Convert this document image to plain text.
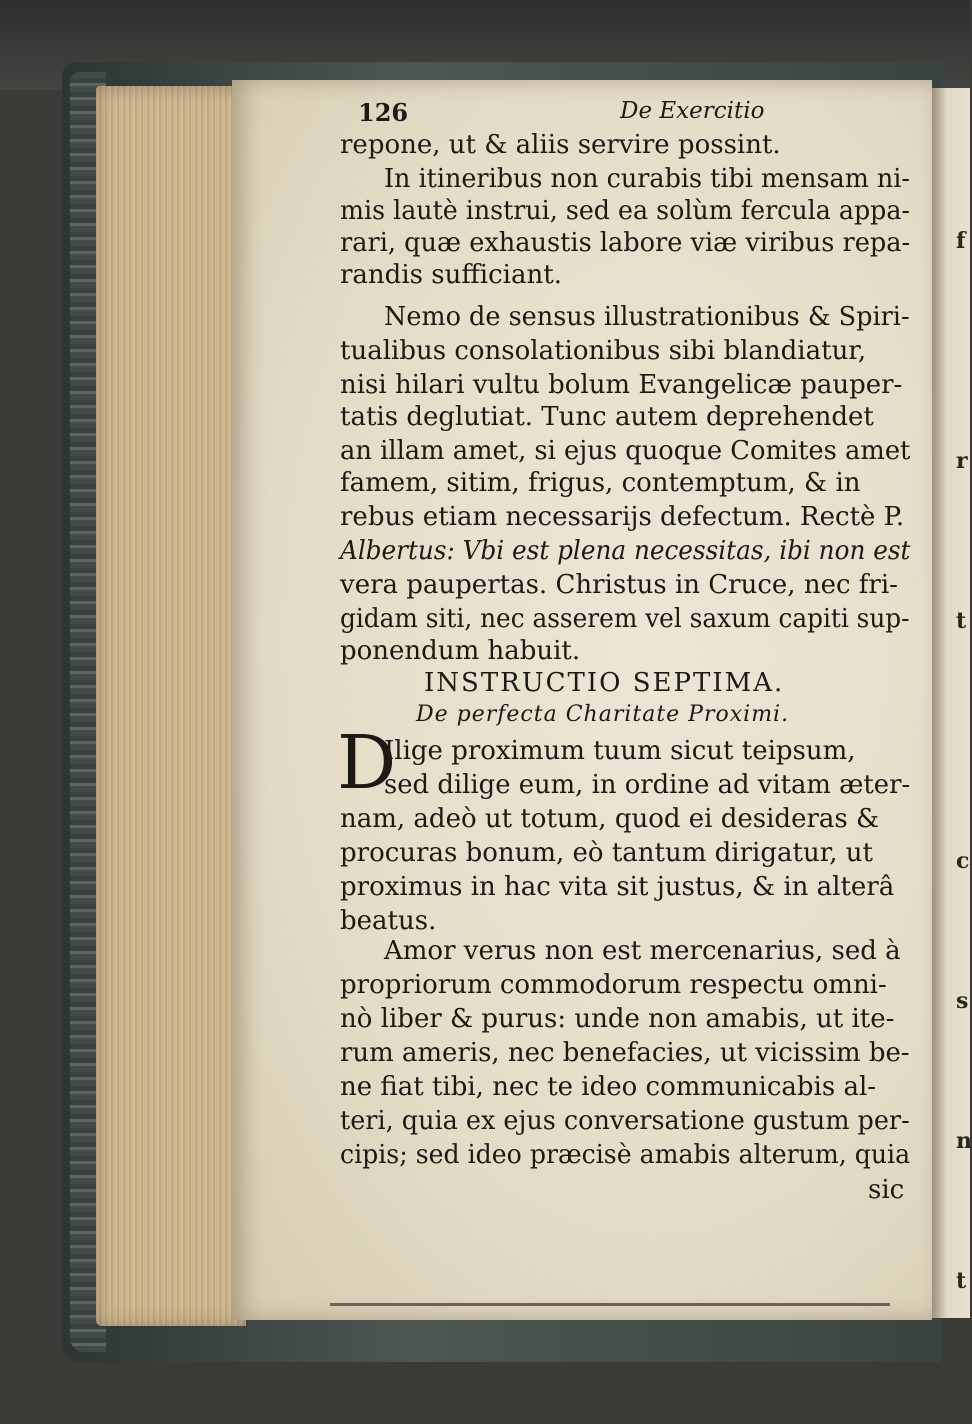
f
r
t
c
s
n
t
126	De Exercitio
repone, ut & aliis servire possint.
In itineribus non curabis tibi mensam ni-
mis lautè instrui, sed ea solùm fercula appa-
rari, quæ exhaustis labore viæ viribus repa-
randis sufficiant.
Nemo de sensus illustrationibus & Spiri-
tualibus consolationibus sibi blandiatur,
nisi hilari vultu bolum Evangelicæ pauper-
tatis deglutiat. Tunc autem deprehendet
an illam amet, si ejus quoque Comites amet
famem, sitim, frigus, contemptum, & in
rebus etiam necessarijs defectum. Rectè P.
Albertus: Vbi est plena necessitas, ibi non est
vera paupertas. Christus in Cruce, nec fri-
gidam siti, nec asserem vel saxum capiti sup-
ponendum habuit.
INSTRUCTIO SEPTIMA.
De perfecta Charitate Proximi.
D
Ilige proximum tuum sicut teipsum,
sed dilige eum, in ordine ad vitam æter-
nam, adeò ut totum, quod ei desideras &
procuras bonum, eò tantum dirigatur, ut
proximus in hac vita sit justus, & in alterâ
beatus.
Amor verus non est mercenarius, sed à
propriorum commodorum respectu omni-
nò liber & purus: unde non amabis, ut ite-
rum ameris, nec benefacies, ut vicissim be-
ne fiat tibi, nec te ideo communicabis al-
teri, quia ex ejus conversatione gustum per-
cipis; sed ideo præcisè amabis alterum, quia
sic
